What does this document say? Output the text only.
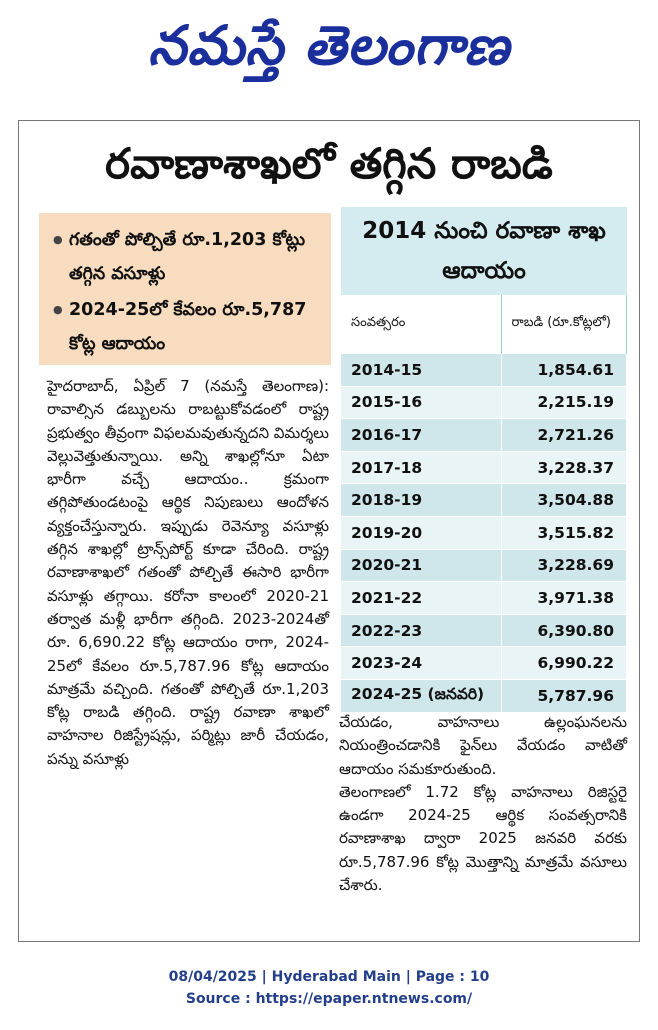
నమస్తే తెలంగాణ
రవాణాశాఖలో తగ్గిన రాబడి
● గతంతో పోల్చితే రూ.1,203 కోట్లు తగ్గిన వసూళ్లు
● 2024-25లో కేవలం రూ.5,787 కోట్ల ఆదాయం
2014 నుంచి రవాణా శాఖ ఆదాయం
సంవత్సరం	రాబడి (రూ.కోట్లలో)
2014-15	1,854.61
2015-16	2,215.19
2016-17	2,721.26
2017-18	3,228.37
2018-19	3,504.88
2019-20	3,515.82
2020-21	3,228.69
2021-22	3,971.38
2022-23	6,390.80
2023-24	6,990.22
2024-25 (జనవరి)	5,787.96

హైదరాబాద్, ఏప్రిల్ 7 (నమస్తే తెలంగాణ): రావాల్సిన డబ్బులను రాబట్టుకోవడంలో రాష్ట్ర ప్రభుత్వం తీవ్రంగా విఫలమవుతున్నదని విమర్శలు వెల్లువెత్తుతున్నాయి. అన్ని శాఖల్లోనూ ఏటా భారీగా వచ్చే ఆదాయం.. క్రమంగా తగ్గిపోతుండటంపై ఆర్థిక నిపుణులు ఆందోళన వ్యక్తంచేస్తున్నారు. ఇప్పుడు రెవెన్యూ వసూళ్లు తగ్గిన శాఖల్లో ట్రాన్స్‌పోర్ట్ కూడా చేరింది. రాష్ట్ర రవాణాశాఖలో గతంతో పోల్చితే ఈసారి భారీగా వసూళ్లు తగ్గాయి. కరోనా కాలంలో 2020-21 తర్వాత మళ్లీ భారీగా తగ్గింది. 2023-2024తో రూ. 6,690.22 కోట్ల ఆదాయం రాగా, 2024-25లో కేవలం రూ.5,787.96 కోట్ల ఆదాయం మాత్రమే వచ్చింది. గతంతో పోల్చితే రూ.1,203 కోట్ల రాబడి తగ్గింది. రాష్ట్ర రవాణా శాఖలో వాహనాల రిజిస్ట్రేషన్లు, పర్మిట్లు జారీ చేయడం, పన్ను వసూళ్లు

చేయడం, వాహనాలు ఉల్లంఘనలను నియంత్రించడానికి ఫైన్‌లు వేయడం వాటితో ఆదాయం సమకూరుతుంది.

తెలంగాణలో 1.72 కోట్ల వాహనాలు రిజిస్టరై ఉండగా 2024-25 ఆర్థిక సంవత్సరానికి రవాణాశాఖ ద్వారా 2025 జనవరి వరకు రూ.5,787.96 కోట్ల మొత్తాన్ని మాత్రమే వసూలు చేశారు.

08/04/2025 | Hyderabad Main | Page : 10
Source : https://epaper.ntnews.com/
